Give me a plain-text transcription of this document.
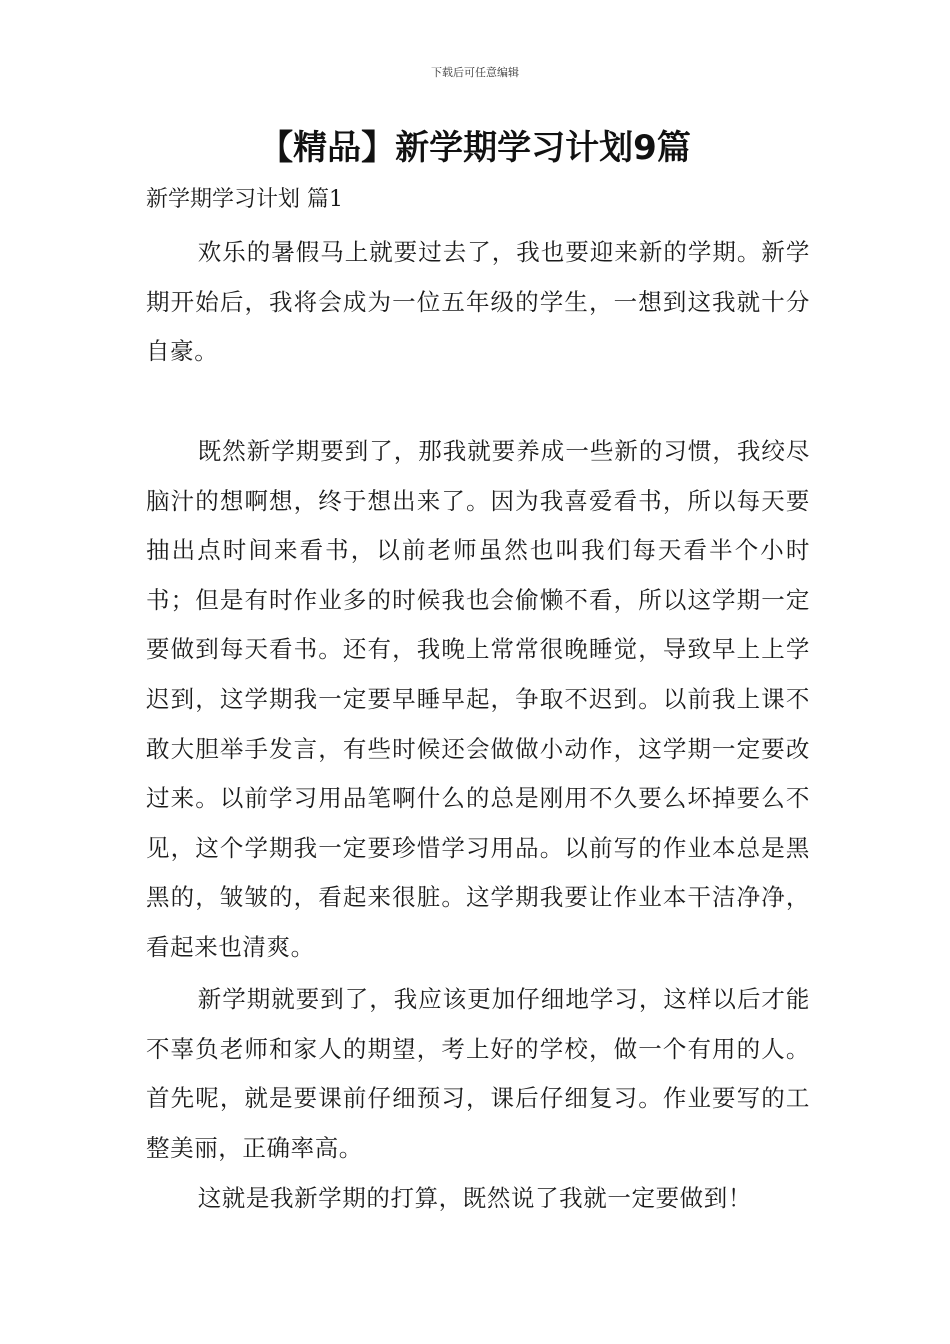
下载后可任意编辑
【精品】新学期学习计划9篇
新学期学习计划 篇1

欢乐的暑假马上就要过去了，我也要迎来新的学期。新学期开始后，我将会成为一位五年级的学生，一想到这我就十分自豪。

既然新学期要到了，那我就要养成一些新的习惯，我绞尽脑汁的想啊想，终于想出来了。因为我喜爱看书，所以每天要抽出点时间来看书，以前老师虽然也叫我们每天看半个小时书；但是有时作业多的时候我也会偷懒不看，所以这学期一定要做到每天看书。还有，我晚上常常很晚睡觉，导致早上上学迟到，这学期我一定要早睡早起，争取不迟到。以前我上课不敢大胆举手发言，有些时候还会做做小动作，这学期一定要改过来。以前学习用品笔啊什么的总是刚用不久要么坏掉要么不见，这个学期我一定要珍惜学习用品。以前写的作业本总是黑黑的，皱皱的，看起来很脏。这学期我要让作业本干洁净净，看起来也清爽。

新学期就要到了，我应该更加仔细地学习，这样以后才能不辜负老师和家人的期望，考上好的学校，做一个有用的人。首先呢，就是要课前仔细预习，课后仔细复习。作业要写的工整美丽，正确率高。

这就是我新学期的打算，既然说了我就一定要做到！
